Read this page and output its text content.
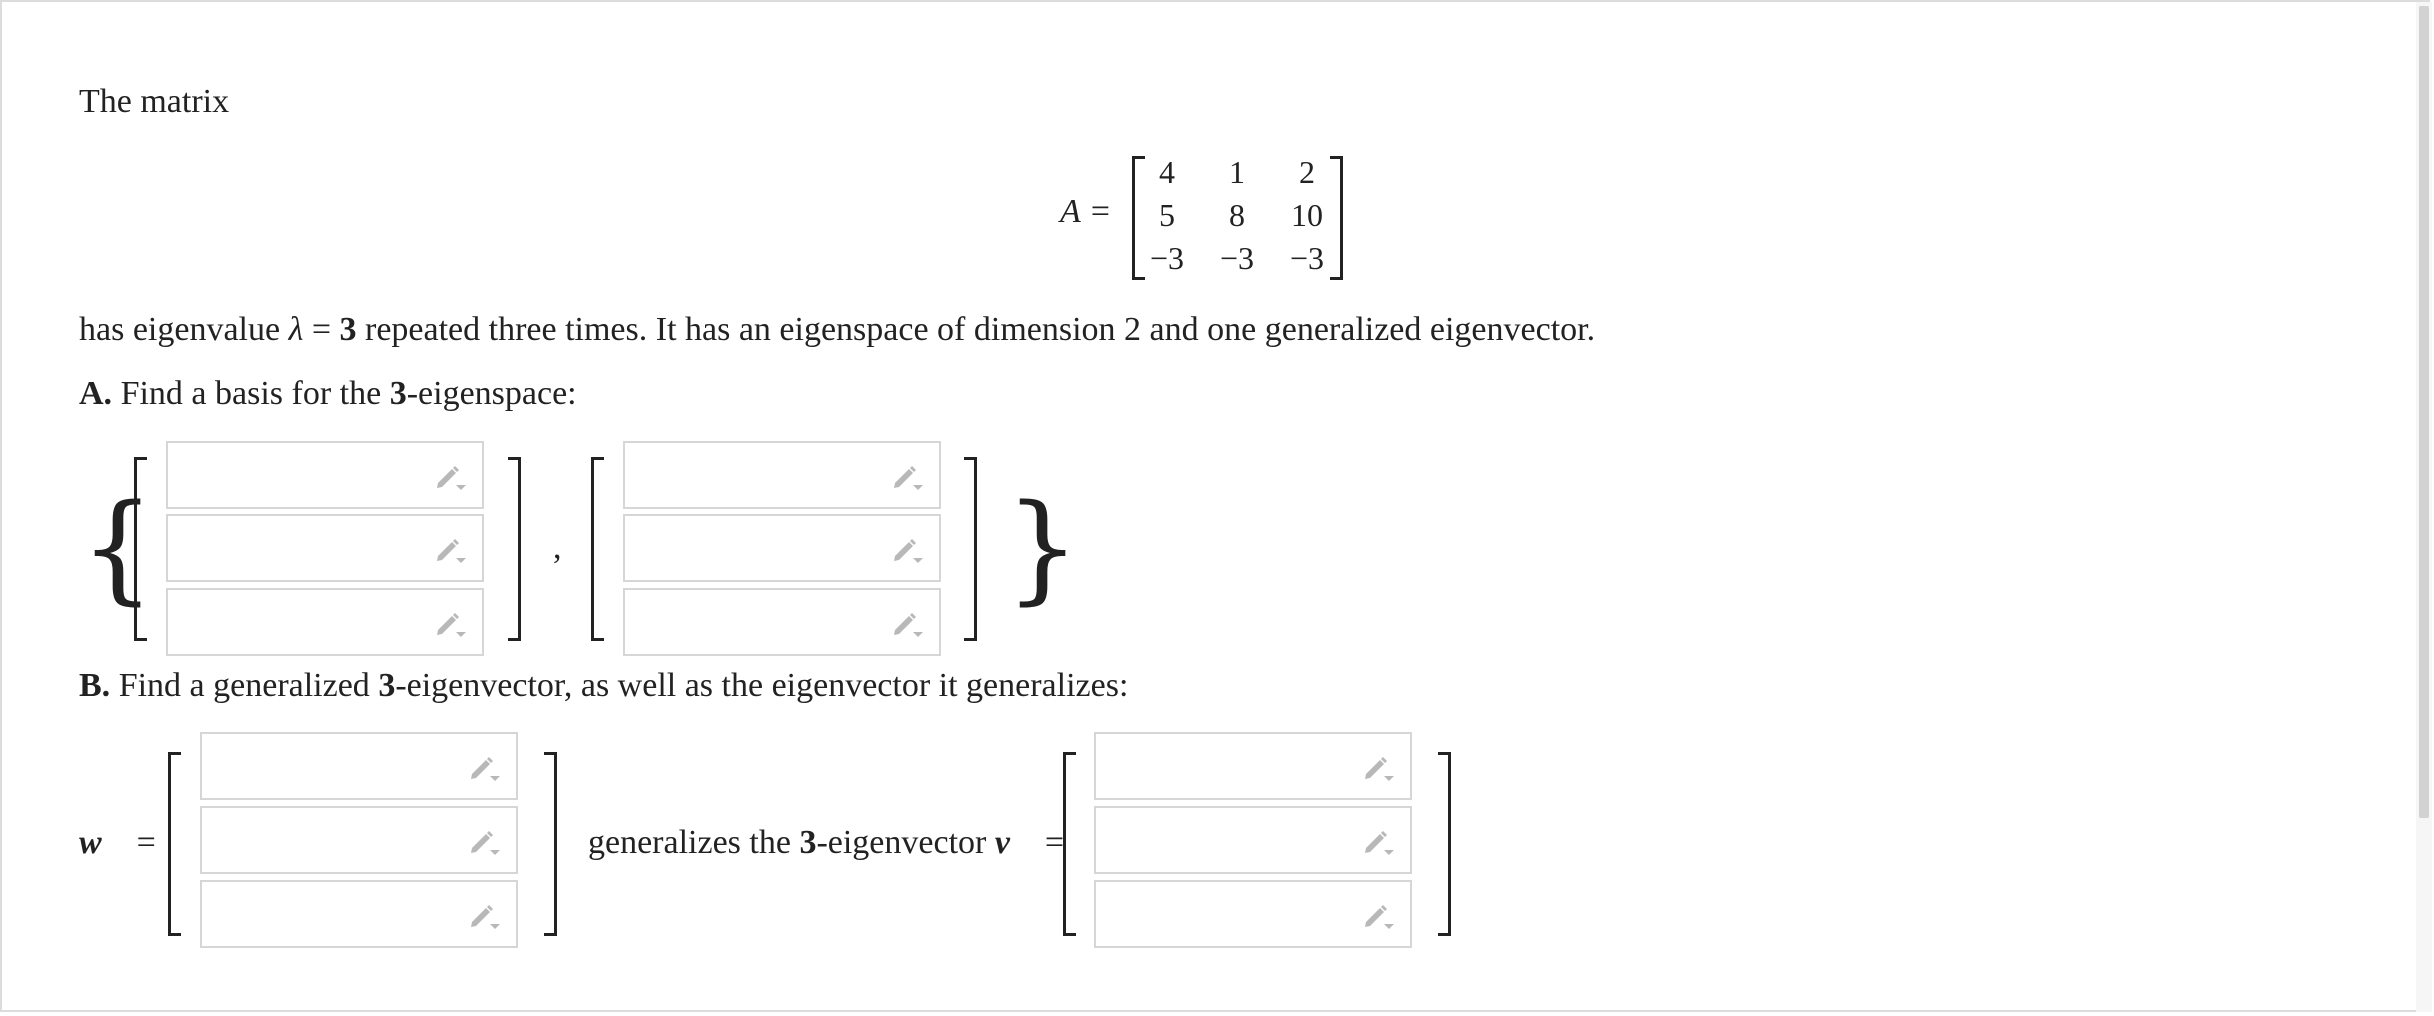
The matrix
A =
4	1	2
5	8	10
−3	−3	−3
has eigenvalue λ = 3 repeated three times. It has an eigenspace of dimension 2 and one generalized eigenvector.
A. Find a basis for the 3-eigenspace:
{	}
,
B. Find a generalized 3-eigenvector, as well as the eigenvector it generalizes:
w⃗ =	generalizes the 3-eigenvector v⃗ =
